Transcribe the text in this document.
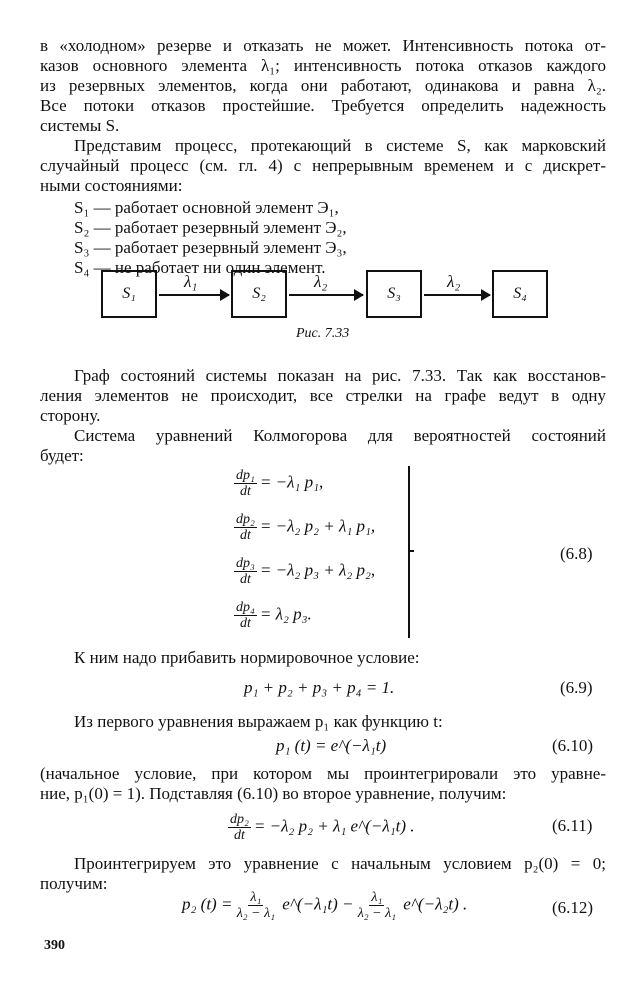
в «холодном» резерве и отказать не может. Интенсивность потока от-
казов основного элемента λ₁; интенсивность потока отказов каждого
из резервных элементов, когда они работают, одинакова и равна λ₂.
Все потоки отказов простейшие. Требуется определить надежность
системы S.
Представим процесс, протекающий в системе S, как марковский
случайный процесс (см. гл. 4) с непрерывным временем и с дискрет-
ными состояниями:
S₁ — работает основной элемент Э₁,
S₂ — работает резервный элемент Э₂,
S₃ — работает резервный элемент Э₃,
S₄ — не работает ни один элемент.
S₁
λ₁
S₂
λ₂
S₃
λ₂
S₄
Рис. 7.33
Граф состояний системы показан на рис. 7.33. Так как восстанов-
ления элементов не происходит, все стрелки на графе ведут в одну
сторону.
Система уравнений Колмогорова для вероятностей состояний
будет:
$\frac{\text{dp₁}}{dt} = -\lambda_1$ p₁,
$\frac{\text{dp₂}}{dt} = -\lambda_2$ p₂ + λ₁ p₁,
$\frac{\text{dp₃}}{dt} = -\lambda_2$ p₃ + λ₂ p₂,
$\frac{\text{dp₄}}{dt} = \lambda_2$ p₃.
(6.8)
К ним надо прибавить нормировочное условие:
p₁ + p₂ + p₃ + p₄ = 1.	(6.9)
Из первого уравнения выражаем p₁ как функцию t:
p₁ (t) = e^(−λ₁t)	(6.10)
(начальное условие, при котором мы проинтегрировали это уравне-
ние, p₁(0) = 1). Подставляя (6.10) во второе уравнение, получим:
$\frac{\text{dp₂}}{dt} = -\lambda_2$ p₂ + λ₁ e^(−λ₁t) .	(6.11)
Проинтегрируем это уравнение с начальным условием p₂(0) = 0;
получим:
p₂ $(t) = \frac{\text{λ₁}}{\text{λ₂ − λ₁}}$ e^(−λ₁t) − $\frac{\text{λ₁}}{\text{λ₂ − λ₁}}$ e^(−λ₂t) .	(6.12)
390
